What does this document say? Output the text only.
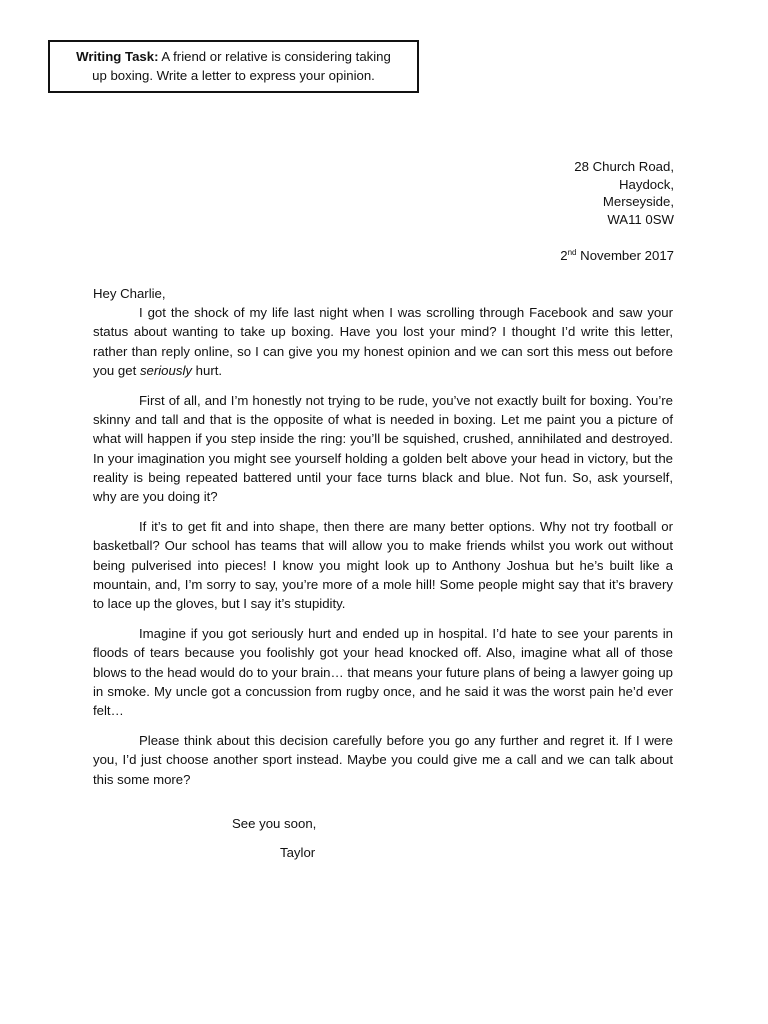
Writing Task: A friend or relative is considering taking
up boxing. Write a letter to express your opinion.
28 Church Road,
Haydock,
Merseyside,
WA11 0SW
2nd November 2017

Hey Charlie,

I got the shock of my life last night when I was scrolling through Facebook and saw your status about wanting to take up boxing. Have you lost your mind? I thought I’d write this letter, rather than reply online, so I can give you my honest opinion and we can sort this mess out before you get seriously hurt.

First of all, and I’m honestly not trying to be rude, you’ve not exactly built for boxing. You’re skinny and tall and that is the opposite of what is needed in boxing. Let me paint you a picture of what will happen if you step inside the ring: you’ll be squished, crushed, annihilated and destroyed. In your imagination you might see yourself holding a golden belt above your head in victory, but the reality is being repeated battered until your face turns black and blue. Not fun. So, ask yourself, why are you doing it?

If it’s to get fit and into shape, then there are many better options. Why not try football or basketball? Our school has teams that will allow you to make friends whilst you work out without being pulverised into pieces! I know you might look up to Anthony Joshua but he’s built like a mountain, and, I’m sorry to say, you’re more of a mole hill! Some people might say that it’s bravery to lace up the gloves, but I say it’s stupidity.

Imagine if you got seriously hurt and ended up in hospital. I’d hate to see your parents in floods of tears because you foolishly got your head knocked off. Also, imagine what all of those blows to the head would do to your brain… that means your future plans of being a lawyer going up in smoke. My uncle got a concussion from rugby once, and he said it was the worst pain he’d ever felt…

Please think about this decision carefully before you go any further and regret it. If I were you, I’d just choose another sport instead. Maybe you could give me a call and we can talk about this some more?

See you soon,
Taylor
